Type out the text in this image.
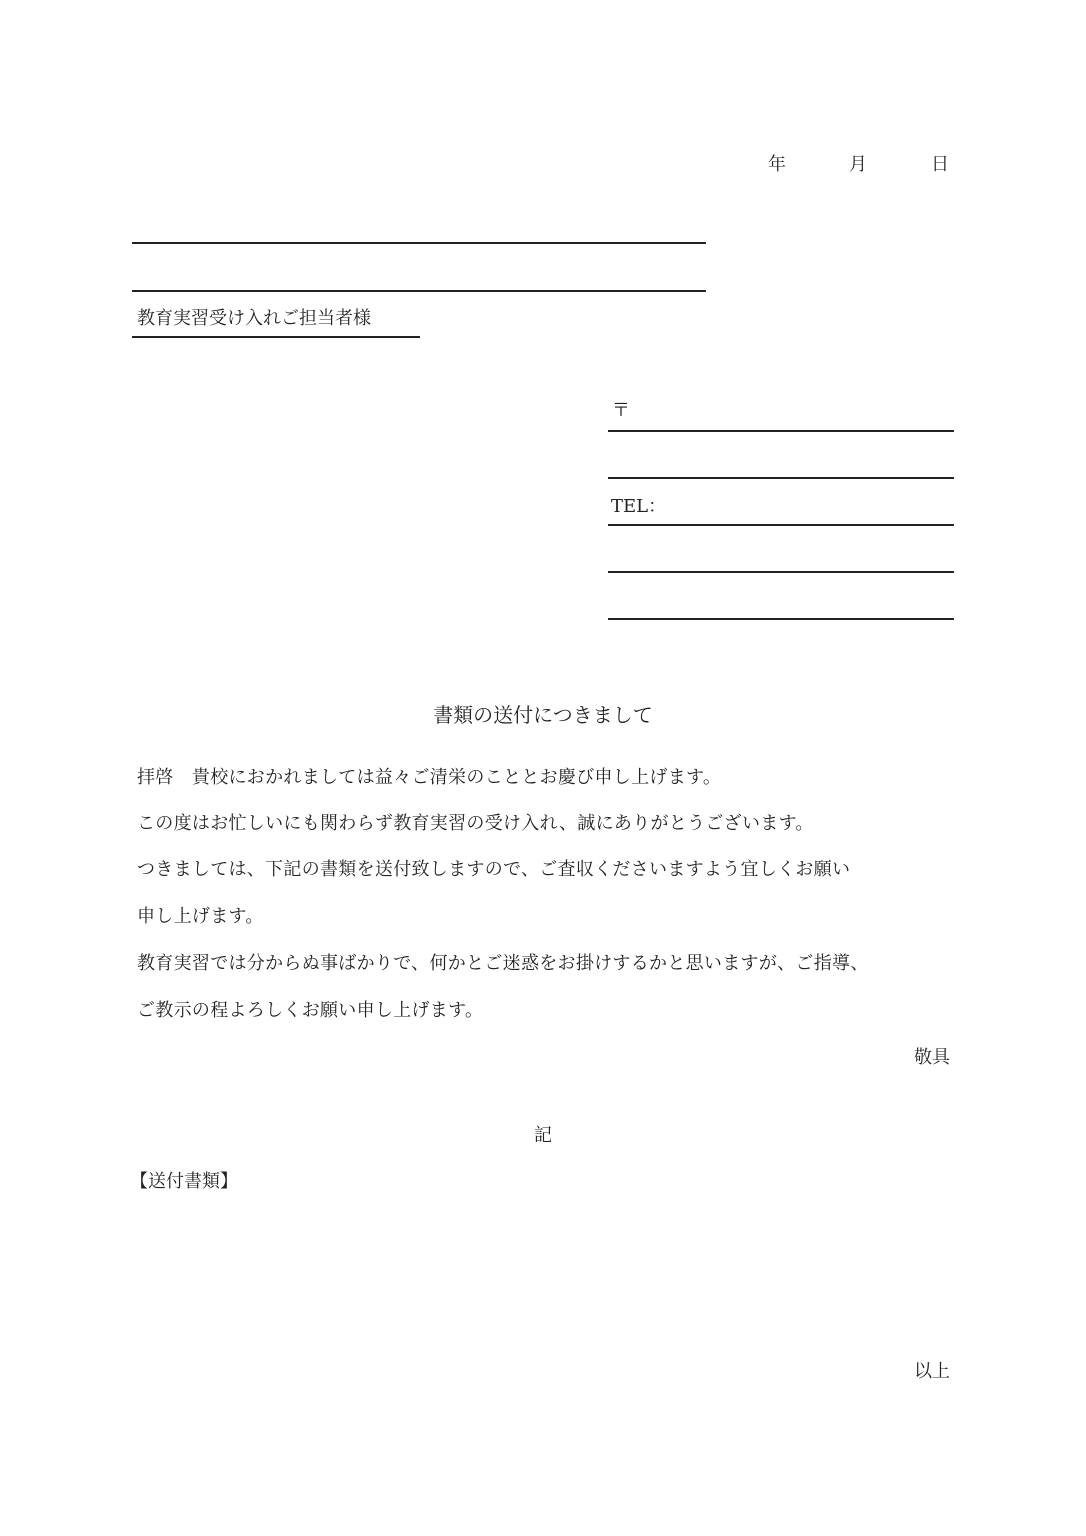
年	月	日
教育実習受け入れご担当者様
〒
TEL：
書類の送付につきまして
拝啓　貴校におかれましては益々ご清栄のこととお慶び申し上げます。
この度はお忙しいにも関わらず教育実習の受け入れ、誠にありがとうございます。
つきましては、下記の書類を送付致しますので、ご査収くださいますよう宜しくお願い
申し上げます。
教育実習では分からぬ事ばかりで、何かとご迷惑をお掛けするかと思いますが、ご指導、
ご教示の程よろしくお願い申し上げます。
敬具
記
【送付書類】
以上
